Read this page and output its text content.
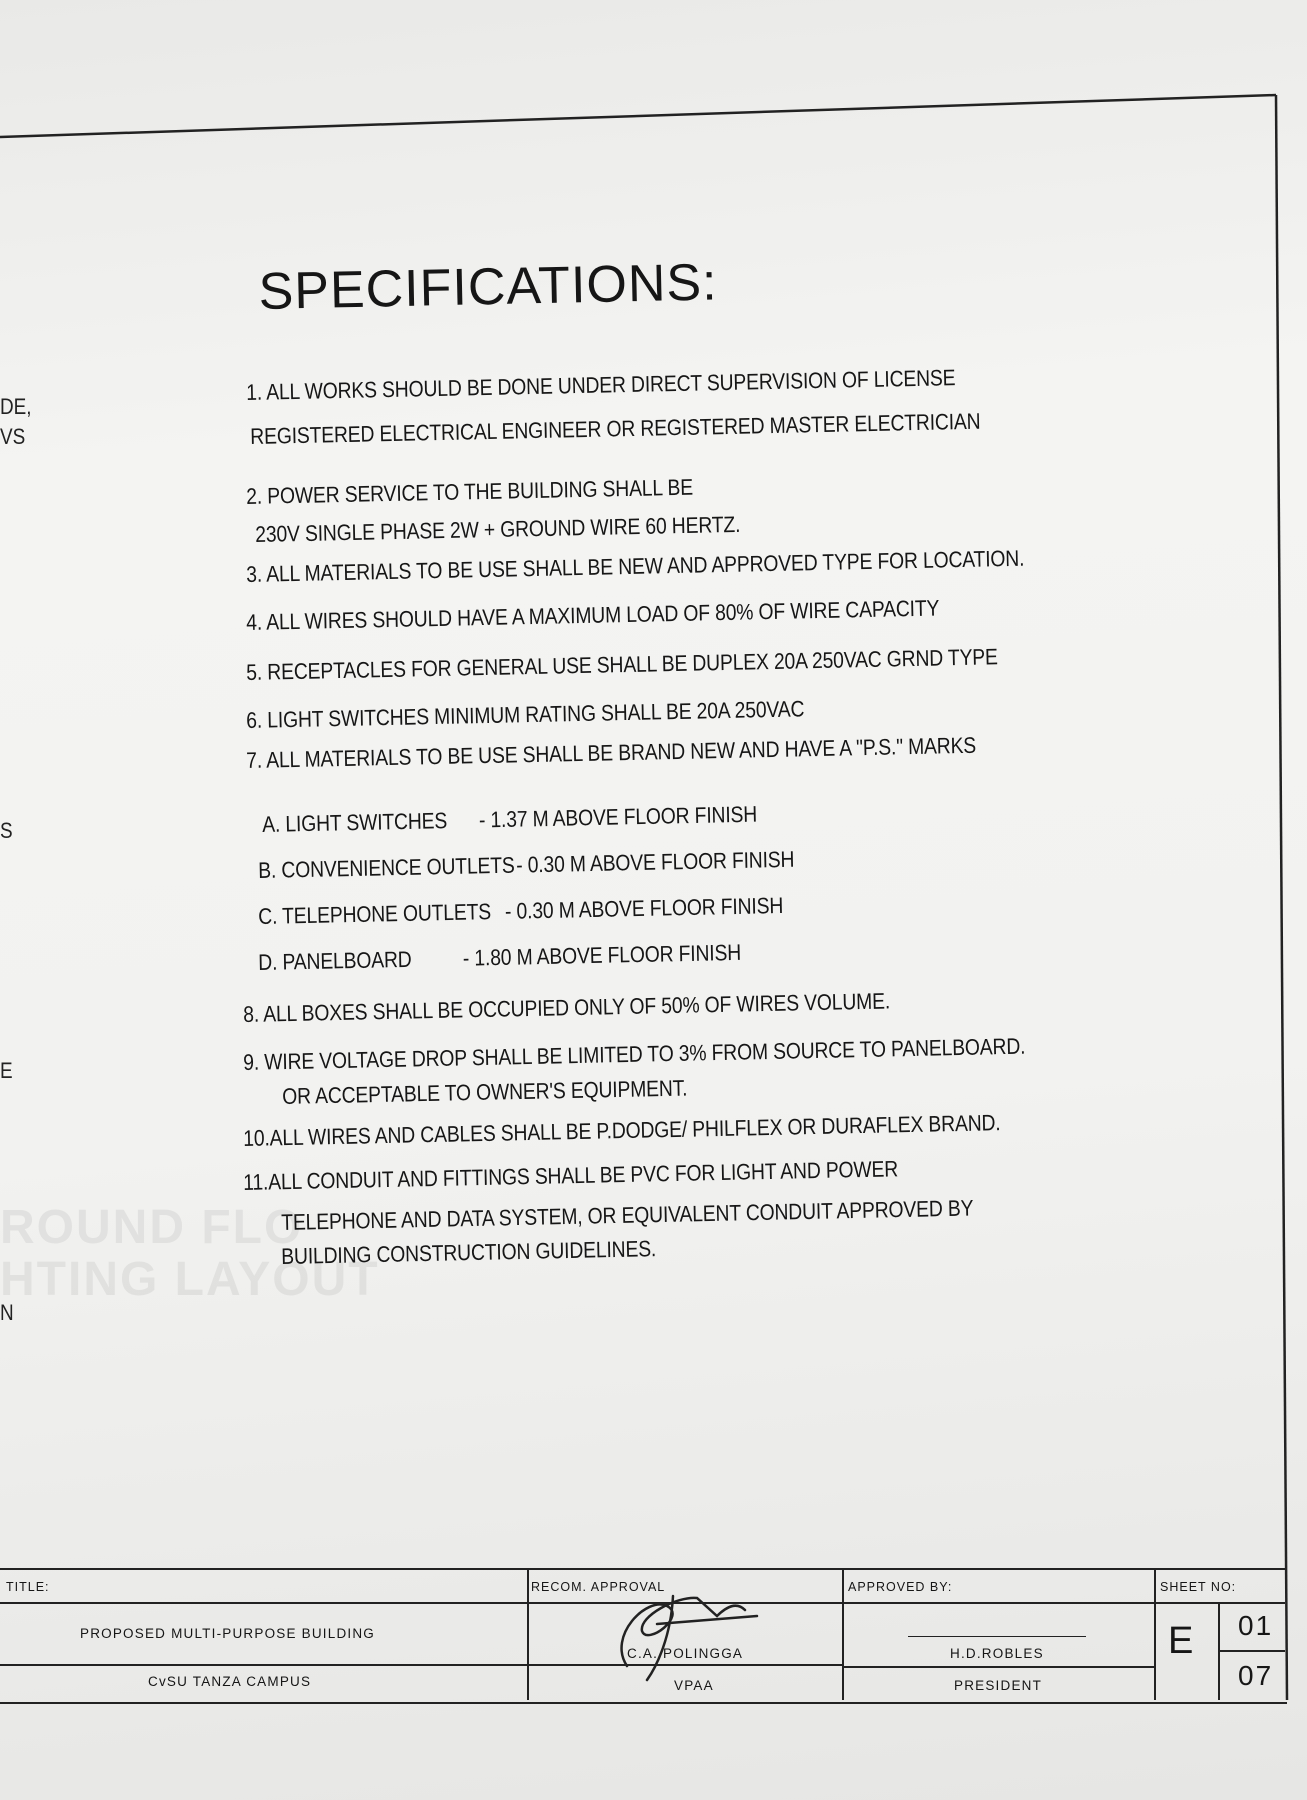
ROUND FLO
HTING LAYOUT
DE,
VS
S
E
N
SPECIFICATIONS:
1. ALL WORKS SHOULD BE DONE UNDER DIRECT SUPERVISION OF LICENSE
REGISTERED ELECTRICAL ENGINEER OR REGISTERED MASTER ELECTRICIAN
2. POWER SERVICE TO THE BUILDING SHALL BE
230V SINGLE PHASE 2W + GROUND WIRE 60 HERTZ.
3. ALL MATERIALS TO BE USE SHALL BE NEW AND APPROVED TYPE FOR LOCATION.
4. ALL WIRES SHOULD HAVE A MAXIMUM LOAD OF 80% OF WIRE CAPACITY
5. RECEPTACLES FOR GENERAL USE SHALL BE DUPLEX 20A 250VAC GRND TYPE
6. LIGHT SWITCHES MINIMUM RATING SHALL BE 20A 250VAC
7. ALL MATERIALS TO BE USE SHALL BE BRAND NEW AND HAVE A "P.S." MARKS
A. LIGHT SWITCHES - 1.37 M ABOVE FLOOR FINISH
B. CONVENIENCE OUTLETS - 0.30 M ABOVE FLOOR FINISH
C. TELEPHONE OUTLETS - 0.30 M ABOVE FLOOR FINISH
D. PANELBOARD - 1.80 M ABOVE FLOOR FINISH
8. ALL BOXES SHALL BE OCCUPIED ONLY OF 50% OF WIRES VOLUME.
9. WIRE VOLTAGE DROP SHALL BE LIMITED TO 3% FROM SOURCE TO PANELBOARD.
OR ACCEPTABLE TO OWNER'S EQUIPMENT.
10.ALL WIRES AND CABLES SHALL BE P.DODGE/ PHILFLEX OR DURAFLEX BRAND.
11.ALL CONDUIT AND FITTINGS SHALL BE PVC FOR LIGHT AND POWER
TELEPHONE AND DATA SYSTEM, OR EQUIVALENT CONDUIT APPROVED BY
BUILDING CONSTRUCTION GUIDELINES.
TITLE:
PROPOSED MULTI-PURPOSE BUILDING
CvSU TANZA CAMPUS
RECOM. APPROVAL
C.A. POLINGGA
VPAA
APPROVED BY:
H.D.ROBLES
PRESIDENT
SHEET NO:
E 01
07
